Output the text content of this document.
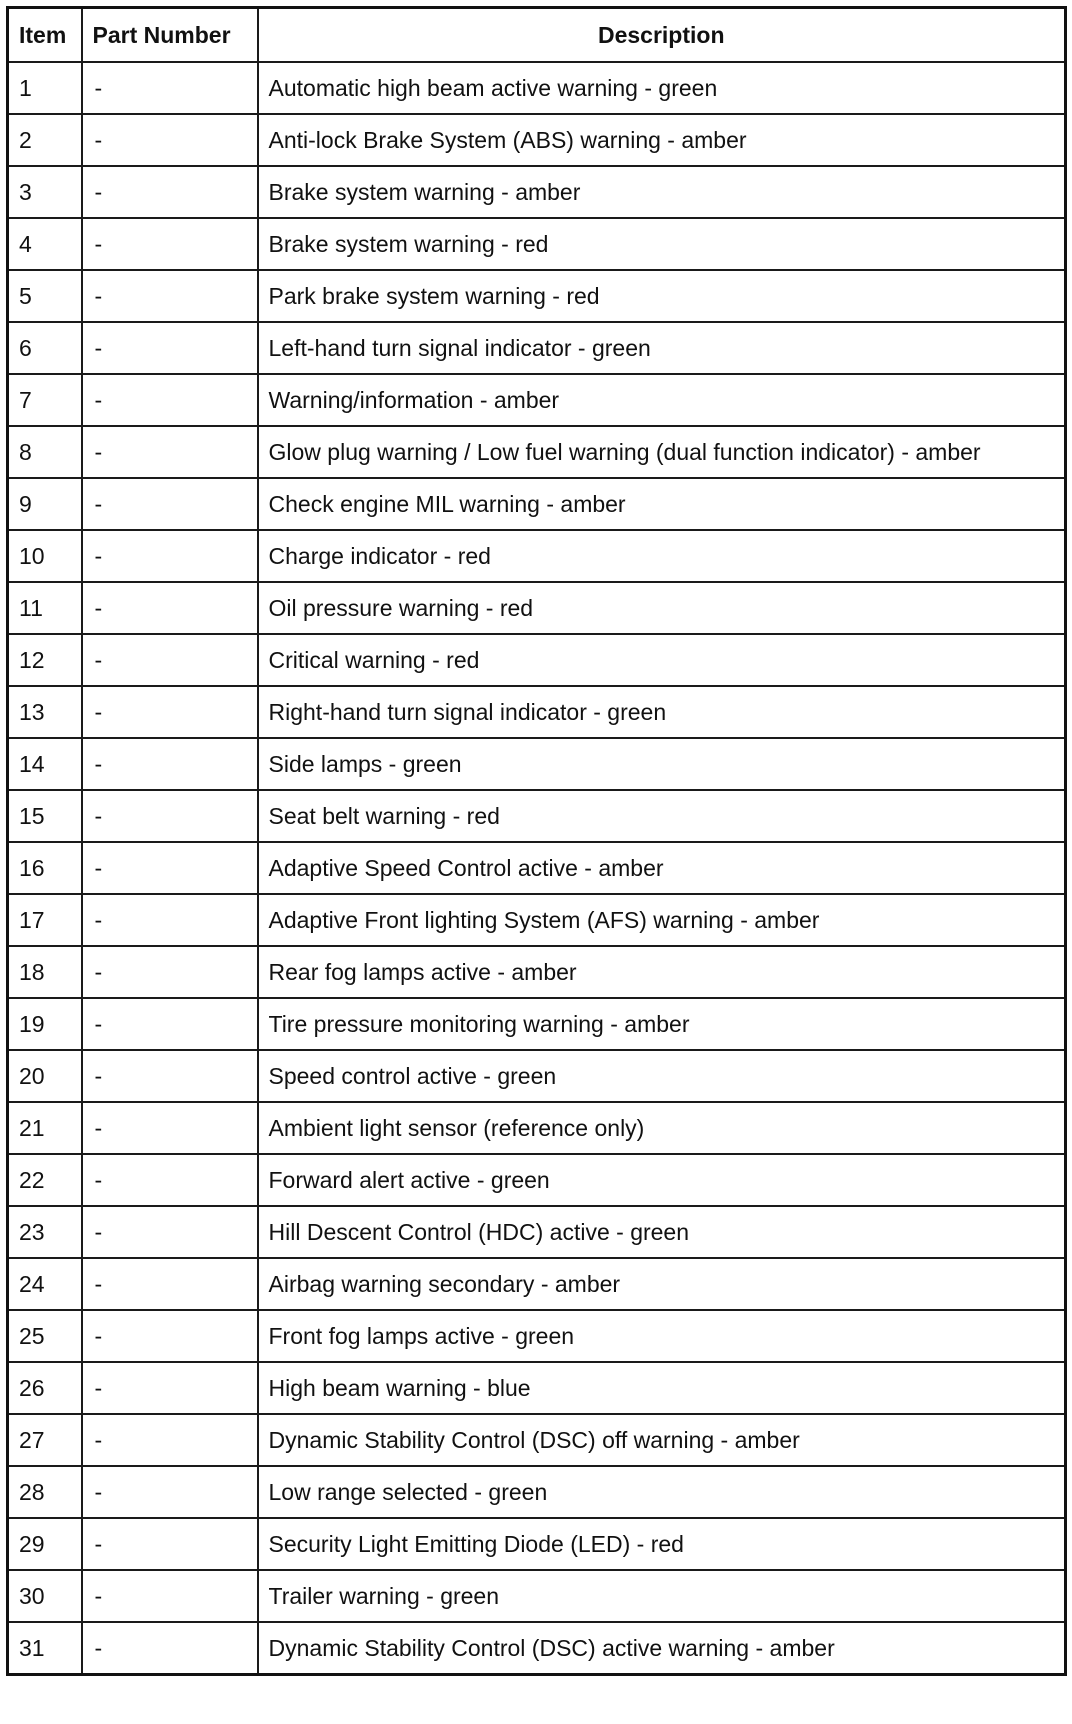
Item	Part Number	Description
1	-	Automatic high beam active warning - green
2	-	Anti-lock Brake System (ABS) warning - amber
3	-	Brake system warning - amber
4	-	Brake system warning - red
5	-	Park brake system warning - red
6	-	Left-hand turn signal indicator - green
7	-	Warning/information - amber
8	-	Glow plug warning / Low fuel warning (dual function indicator) - amber
9	-	Check engine MIL warning - amber
10	-	Charge indicator - red
11	-	Oil pressure warning - red
12	-	Critical warning - red
13	-	Right-hand turn signal indicator - green
14	-	Side lamps - green
15	-	Seat belt warning - red
16	-	Adaptive Speed Control active - amber
17	-	Adaptive Front lighting System (AFS) warning - amber
18	-	Rear fog lamps active - amber
19	-	Tire pressure monitoring warning - amber
20	-	Speed control active - green
21	-	Ambient light sensor (reference only)
22	-	Forward alert active - green
23	-	Hill Descent Control (HDC) active - green
24	-	Airbag warning secondary - amber
25	-	Front fog lamps active - green
26	-	High beam warning - blue
27	-	Dynamic Stability Control (DSC) off warning - amber
28	-	Low range selected - green
29	-	Security Light Emitting Diode (LED) - red
30	-	Trailer warning - green
31	-	Dynamic Stability Control (DSC) active warning - amber
